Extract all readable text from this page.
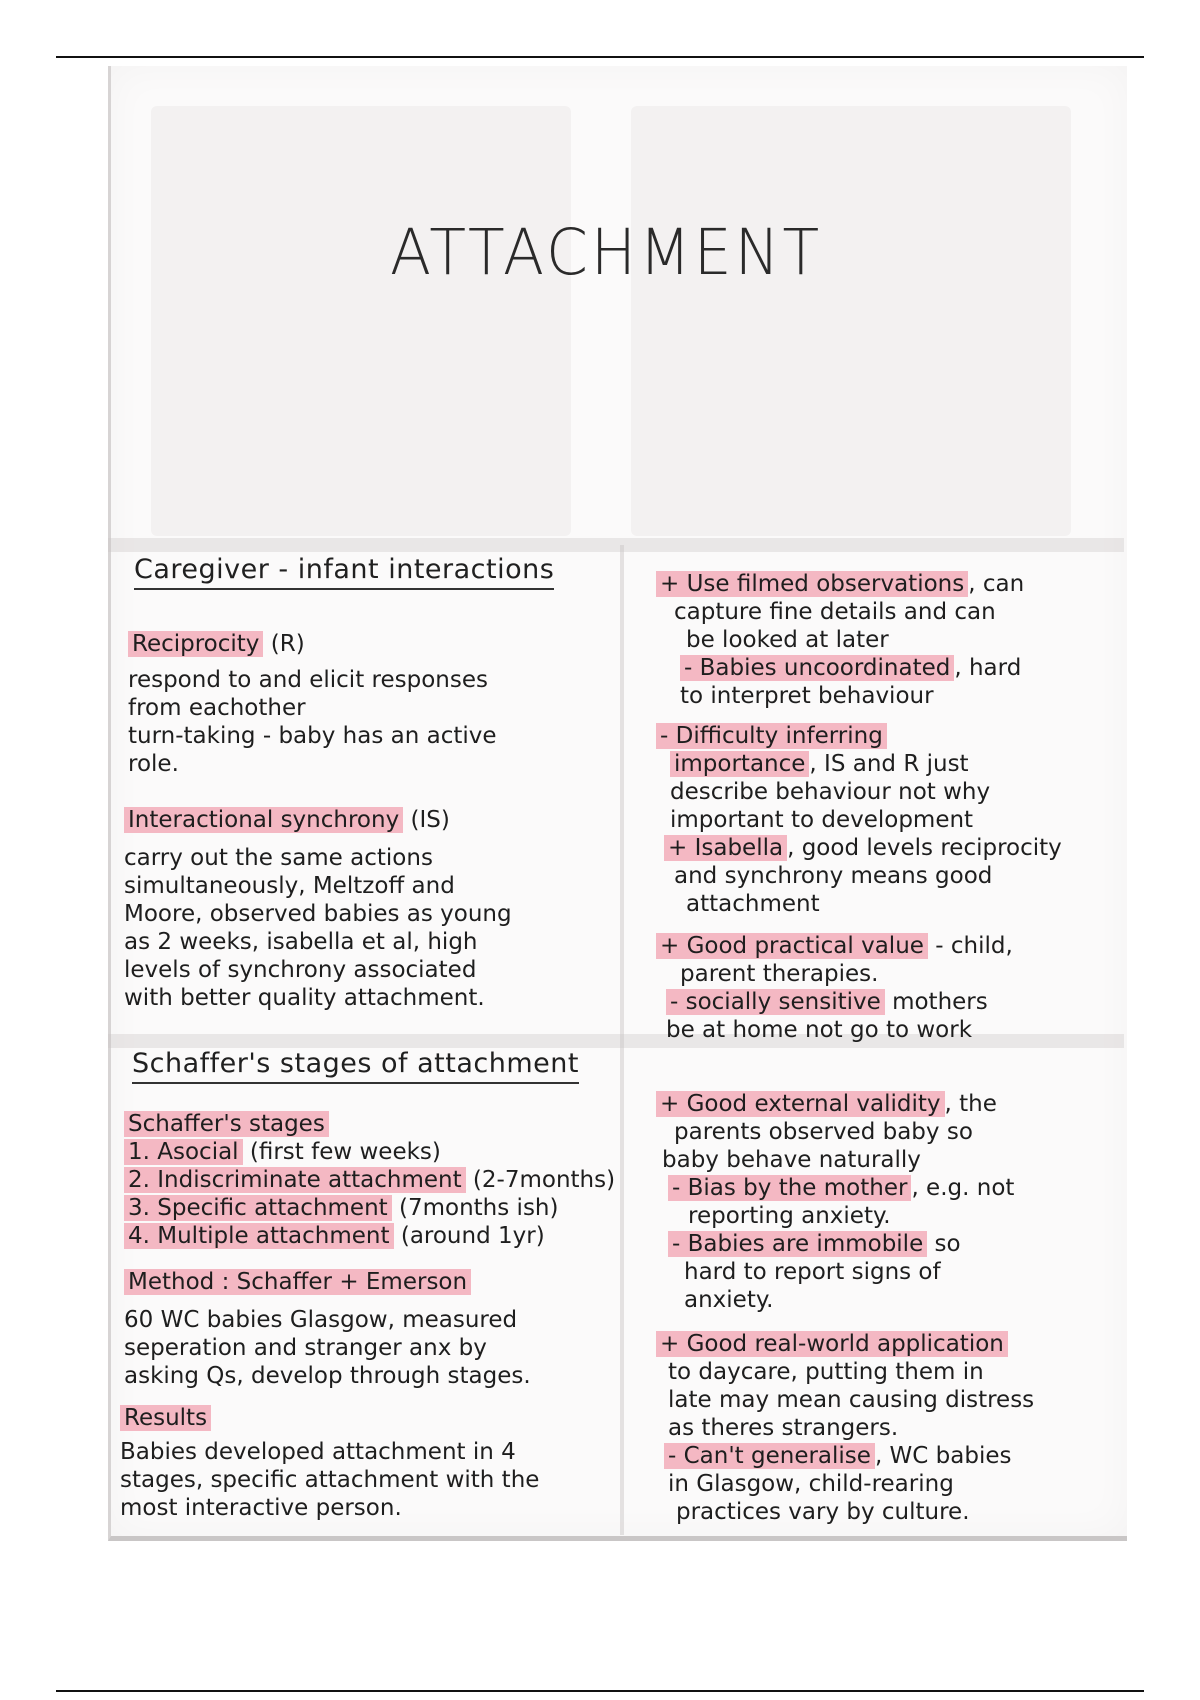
ATTACHMENT
Caregiver - infant interactions

Reciprocity (R)

respond to and elicit responses

from eachother

turn-taking - baby has an active

role.

Interactional synchrony (IS)

carry out the same actions

simultaneously, Meltzoff and

Moore, observed babies as young

as 2 weeks, isabella et al, high

levels of synchrony associated

with better quality attachment.

+ Use filmed observations , can

capture fine details and can

be looked at later

- Babies uncoordinated , hard

to interpret behaviour

- Difficulty inferring

importance , IS and R just

describe behaviour not why

important to development

+ Isabella , good levels reciprocity

and synchrony means good

attachment

+ Good practical value - child,

parent therapies.

- socially sensitive mothers

be at home not go to work

Schaffer's stages of attachment

Schaffer's stages

1. Asocial (first few weeks)

2. Indiscriminate attachment (2-7months)

3. Specific attachment (7months ish)

4. Multiple attachment (around 1yr)

Method : Schaffer + Emerson

60 WC babies Glasgow, measured

seperation and stranger anx by

asking Qs, develop through stages.

Results

Babies developed attachment in 4

stages, specific attachment with the

most interactive person.

+ Good external validity , the

parents observed baby so

baby behave naturally

- Bias by the mother , e.g. not

reporting anxiety.

- Babies are immobile so

hard to report signs of

anxiety.

+ Good real-world application

to daycare, putting them in

late may mean causing distress

as theres strangers.

- Can't generalise , WC babies

in Glasgow, child-rearing

practices vary by culture.
